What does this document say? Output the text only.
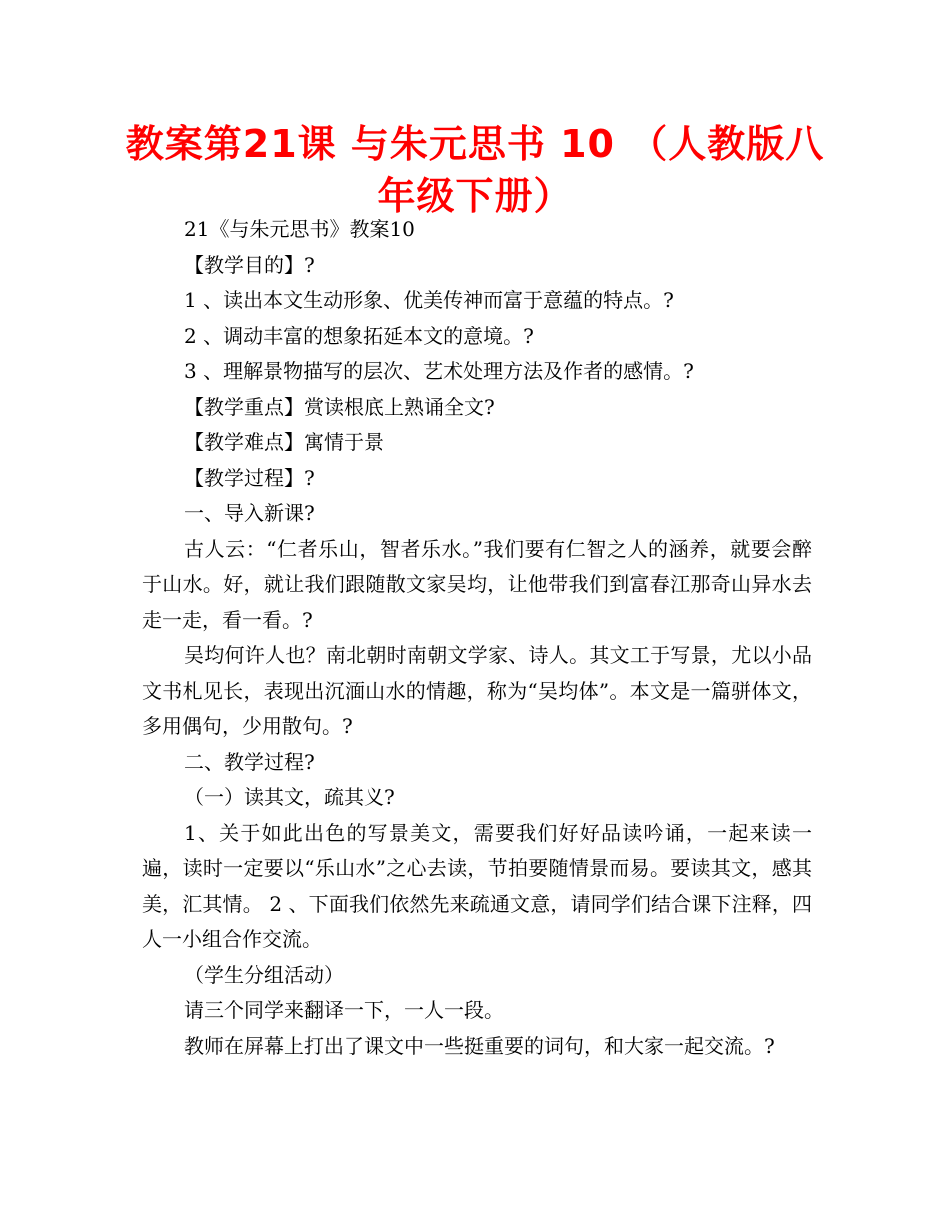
教案第21课 与朱元思书 10 （人教版八年级下册）

21《与朱元思书》教案10

【教学目的】?

1 、读出本文生动形象、优美传神而富于意蕴的特点。?

2 、调动丰富的想象拓延本文的意境。?

3 、理解景物描写的层次、艺术处理方法及作者的感情。?

【教学重点】赏读根底上熟诵全文?

【教学难点】寓情于景

【教学过程】?

一、导入新课?

古人云：“仁者乐山，智者乐水。”我们要有仁智之人的涵养，就要会醉于山水。好，就让我们跟随散文家吴均，让他带我们到富春江那奇山异水去走一走，看一看。?

吴均何许人也？南北朝时南朝文学家、诗人。其文工于写景，尤以小品文书札见长，表现出沉湎山水的情趣，称为“吴均体”。本文是一篇骈体文，多用偶句，少用散句。?

二、教学过程?

（一）读其文，疏其义?

1、关于如此出色的写景美文，需要我们好好品读吟诵，一起来读一遍，读时一定要以“乐山水”之心去读，节拍要随情景而易。要读其文，感其美，汇其情。 2 、下面我们依然先来疏通文意，请同学们结合课下注释，四人一小组合作交流。

（学生分组活动）

请三个同学来翻译一下，一人一段。

教师在屏幕上打出了课文中一些挺重要的词句，和大家一起交流。?
